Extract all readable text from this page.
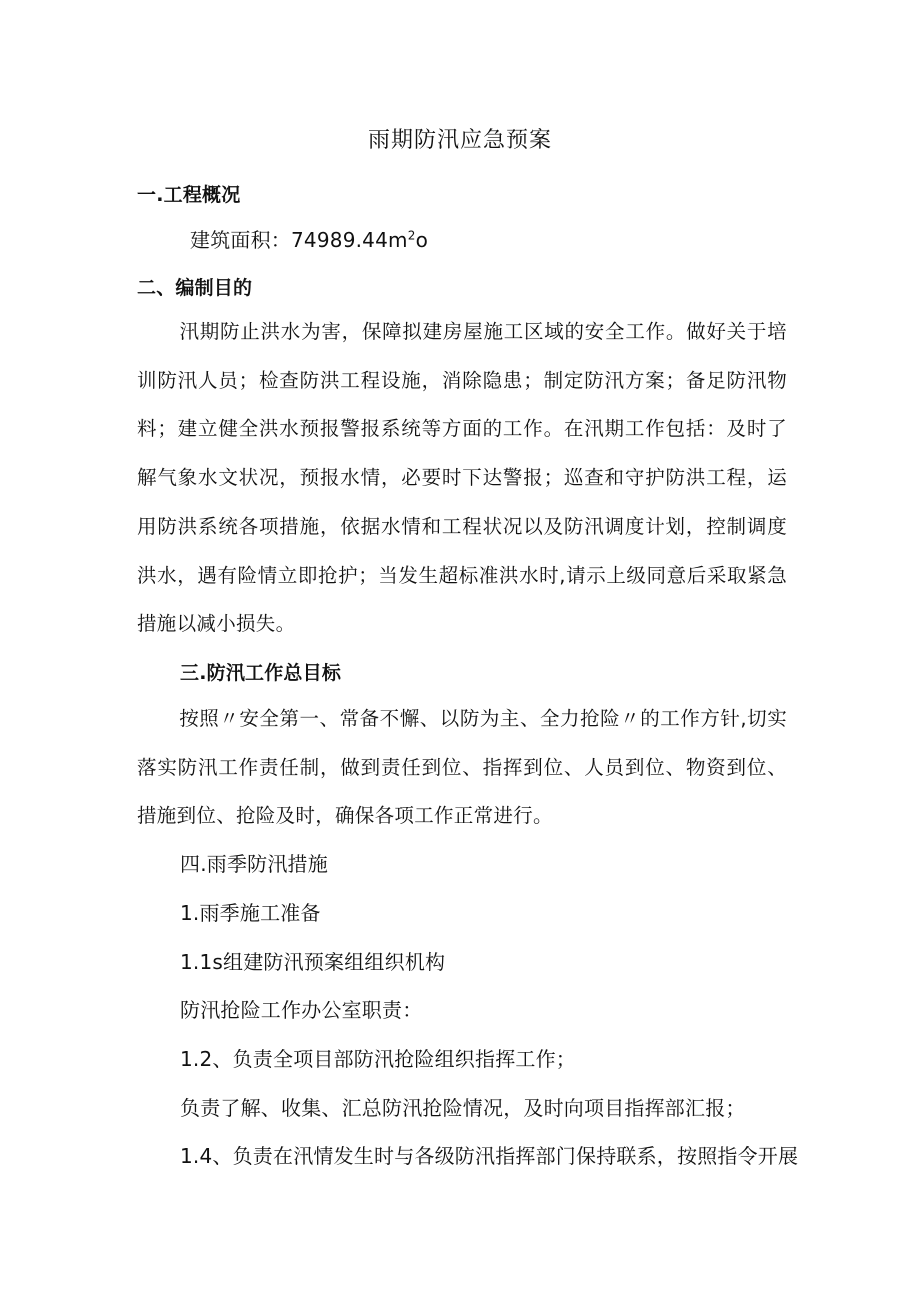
雨期防汛应急预案
一.工程概况
建筑面积：$74989.44m^2o$
二、编制目的
汛期防止洪水为害，保障拟建房屋施工区域的安全工作。做好关于培训防汛人员；检查防洪工程设施，消除隐患；制定防汛方案；备足防汛物料；建立健全洪水预报警报系统等方面的工作。在汛期工作包括：及时了解气象水文状况，预报水情，必要时下达警报；巡查和守护防洪工程，运用防洪系统各项措施，依据水情和工程状况以及防汛调度计划，控制调度洪水，遇有险情立即抢护；当发生超标准洪水时,请示上级同意后采取紧急措施以减小损失。
三.防汛工作总目标
按照〃安全第一、常备不懈、以防为主、全力抢险〃的工作方针,切实落实防汛工作责任制，做到责任到位、指挥到位、人员到位、物资到位、措施到位、抢险及时，确保各项工作正常进行。
四.雨季防汛措施
1.雨季施工准备
1.1s组建防汛预案组组织机构
防汛抢险工作办公室职责：
1.2、负责全项目部防汛抢险组织指挥工作；
负责了解、收集、汇总防汛抢险情况，及时向项目指挥部汇报；
1.4、负责在汛情发生时与各级防汛指挥部门保持联系，按照指令开展
